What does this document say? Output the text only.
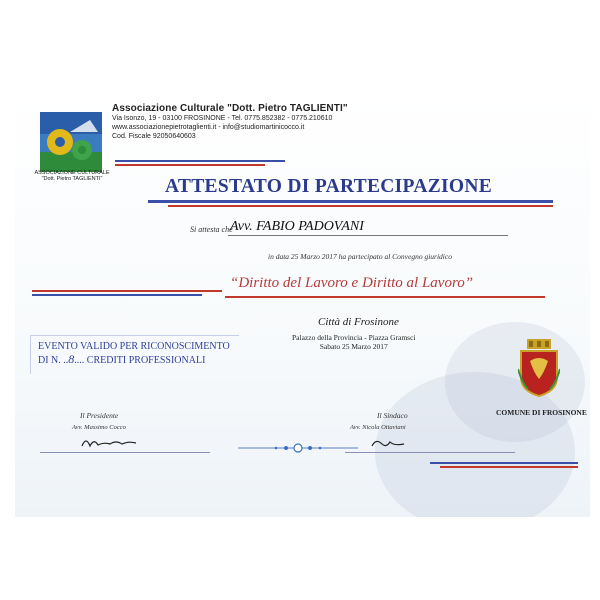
ASSOCIAZIONE CULTURALE
"Dott. Pietro TAGLIENTI"
Associazione Culturale "Dott. Pietro TAGLIENTI"
Via Isonzo, 19 - 03100 FROSINONE - Tel. 0775.852382 - 0775.210610
www.associazionepietrotaglienti.it - info@studiomartinicocco.it
Cod. Fiscale 92050640603
ATTESTATO DI PARTECIPAZIONE
Si attesta che
Avv. FABIO PADOVANI
in data 25 Marzo 2017 ha partecipato al Convegno giuridico
“Diritto del Lavoro e Diritto al Lavoro”
EVENTO VALIDO PER RICONOSCIMENTO
DI N. ..8.... CREDITI PROFESSIONALI
Città di Frosinone
Palazzo della Provincia - Piazza Gramsci
Sabato 25 Marzo 2017
COMUNE DI FROSINONE
Il Presidente
Avv. Massimo Cocco
Il Sindaco
Avv. Nicola Ottaviani
